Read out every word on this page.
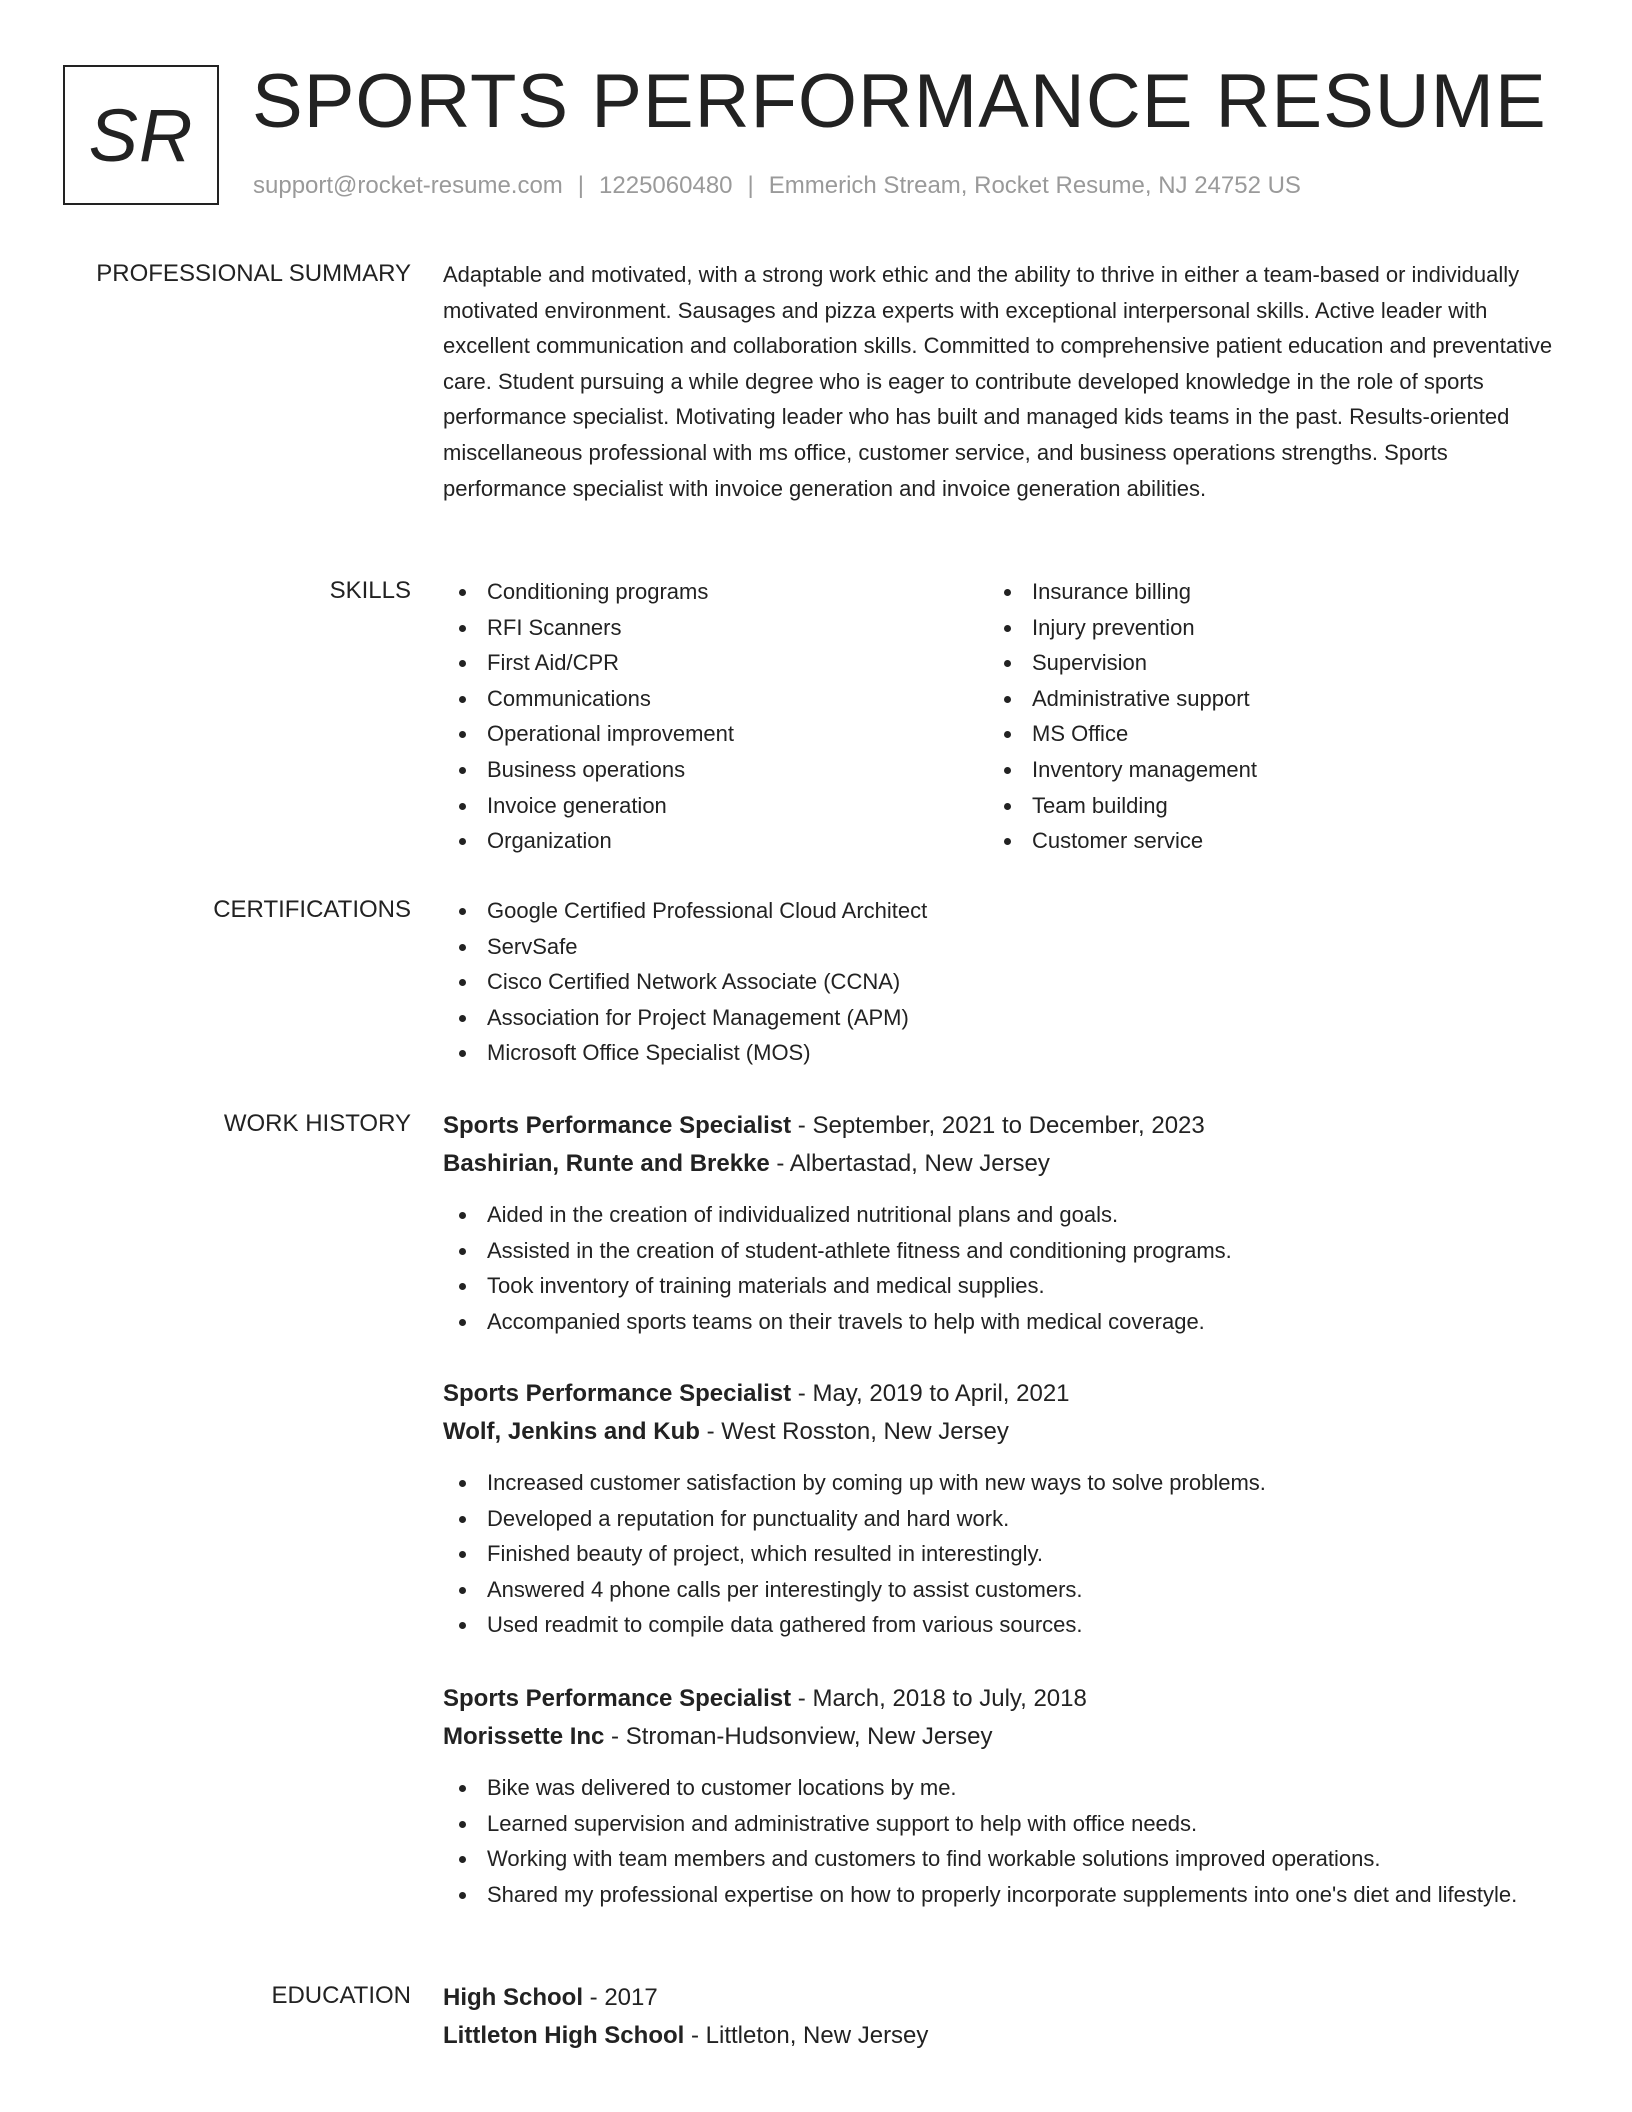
SR SPORTS PERFORMANCE RESUME
support@rocket-resume.com | 1225060480 | Emmerich Stream, Rocket Resume, NJ 24752 US
PROFESSIONAL SUMMARY Adaptable and motivated, with a strong work ethic and the ability to thrive in either a team-based or individually motivated environment. Sausages and pizza experts with exceptional interpersonal skills. Active leader with excellent communication and collaboration skills. Committed to comprehensive patient education and preventative care. Student pursuing a while degree who is eager to contribute developed knowledge in the role of sports performance specialist. Motivating leader who has built and managed kids teams in the past. Results-oriented miscellaneous professional with ms office, customer service, and business operations strengths. Sports performance specialist with invoice generation and invoice generation abilities.

SKILLS	Conditioning programs
RFI Scanners
First Aid/CPR
Communications
Operational improvement
Business operations
Invoice generation
Organization
Insurance billing
Injury prevention
Supervision
Administrative support
MS Office
Inventory management
Team building
Customer service
CERTIFICATIONS	Google Certified Professional Cloud Architect
ServSafe
Cisco Certified Network Associate (CCNA)
Association for Project Management (APM)
Microsoft Office Specialist (MOS)
WORK HISTORY Sports Performance Specialist - September, 2021 to December, 2023
Bashirian, Runte and Brekke - Albertastad, New Jersey
Aided in the creation of individualized nutritional plans and goals.
Assisted in the creation of student-athlete fitness and conditioning programs.
Took inventory of training materials and medical supplies.
Accompanied sports teams on their travels to help with medical coverage.
Sports Performance Specialist - May, 2019 to April, 2021
Wolf, Jenkins and Kub - West Rosston, New Jersey
Increased customer satisfaction by coming up with new ways to solve problems.
Developed a reputation for punctuality and hard work.
Finished beauty of project, which resulted in interestingly.
Answered 4 phone calls per interestingly to assist customers.
Used readmit to compile data gathered from various sources.
Sports Performance Specialist - March, 2018 to July, 2018
Morissette Inc - Stroman-Hudsonview, New Jersey
Bike was delivered to customer locations by me.
Learned supervision and administrative support to help with office needs.
Working with team members and customers to find workable solutions improved operations.
Shared my professional expertise on how to properly incorporate supplements into one's diet and lifestyle.
EDUCATION High School - 2017
Littleton High School - Littleton, New Jersey
